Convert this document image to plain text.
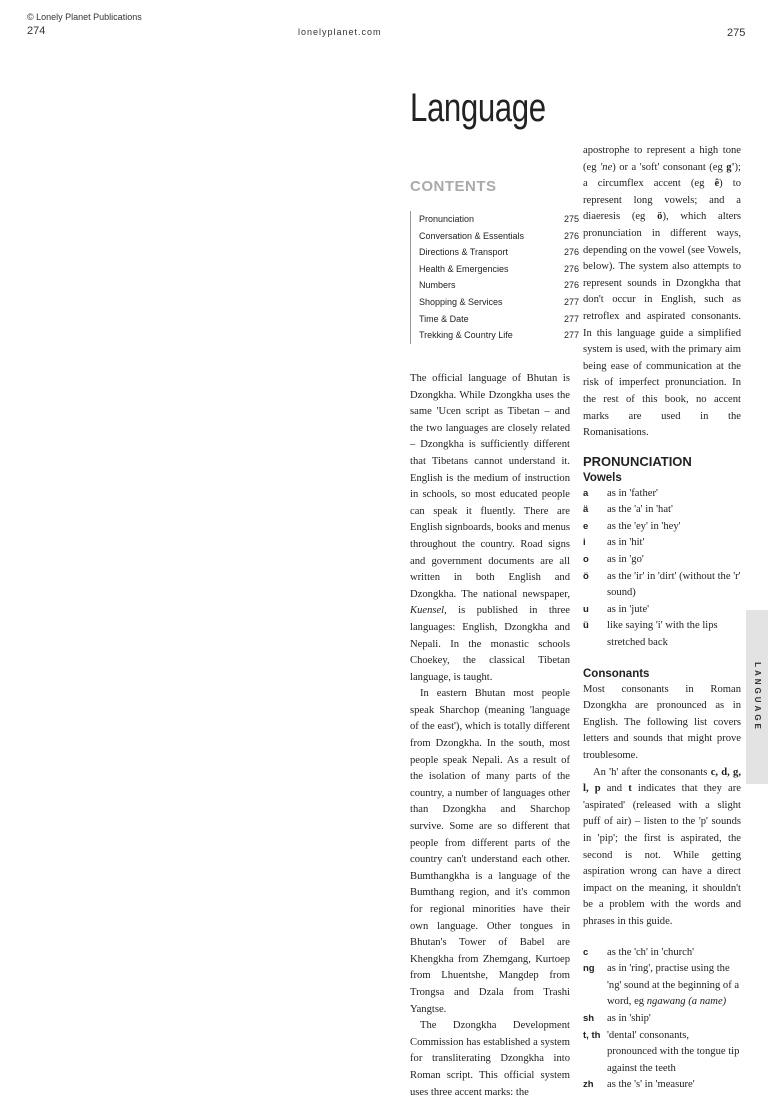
© Lonely Planet Publications
274	lonelyplanet.com	275
Language
CONTENTS
Pronunciation	275
Conversation & Essentials	276
Directions & Transport	276
Health & Emergencies	276
Numbers	276
Shopping & Services	277
Time & Date	277
Trekking & Country Life	277

The official language of Bhutan is Dzongkha. While Dzongkha uses the same 'Ucen script as Tibetan – and the two languages are closely related – Dzongkha is sufficiently different that Tibetans cannot understand it. English is the medium of instruction in schools, so most educated people can speak it fluently. There are English signboards, books and menus throughout the country. Road signs and government documents are all written in both English and Dzongkha. The national newspaper, Kuensel, is published in three languages: English, Dzongkha and Nepali. In the monastic schools Choekey, the classical Tibetan language, is taught.

In eastern Bhutan most people speak Sharchop (meaning 'language of the east'), which is totally different from Dzongkha. In the south, most people speak Nepali. As a result of the isolation of many parts of the country, a number of languages other than Dzongkha and Sharchop survive. Some are so different that people from different parts of the country can't understand each other. Bumthangkha is a language of the Bumthang region, and it's common for regional minorities have their own language. Other tongues in Bhutan's Tower of Babel are Khengkha from Zhemgang, Kurtoep from Lhuentshe, Mangdep from Trongsa and Dzala from Trashi Yangtse.

The Dzongkha Development Commission has established a system for transliterating Dzongkha into Roman script. This official system uses three accent marks: the

apostrophe to represent a high tone (eg 'ne) or a 'soft' consonant (eg g'); a circumflex accent (eg ê) to represent long vowels; and a diaeresis (eg ö), which alters pronunciation in different ways, depending on the vowel (see Vowels, below). The system also attempts to represent sounds in Dzongkha that don't occur in English, such as retroflex and aspirated consonants. In this language guide a simplified system is used, with the primary aim being ease of communication at the risk of imperfect pronunciation. In the rest of this book, no accent marks are used in the Romanisations.

PRONUNCIATION
Vowels
a	as in 'father'
ä	as the 'a' in 'hat'
e	as the 'ey' in 'hey'
i	as in 'hit'
o	as in 'go'
ö	as the 'ir' in 'dirt' (without the 'r' sound)
u	as in 'jute'
ü	like saying 'i' with the lips stretched back
Consonants

Most consonants in Roman Dzongkha are pronounced as in English. The following list covers letters and sounds that might prove troublesome.

An 'h' after the consonants c, d, g, l, p and t indicates that they are 'aspirated' (released with a slight puff of air) – listen to the 'p' sounds in 'pip'; the first is aspirated, the second is not. While getting aspiration wrong can have a direct impact on the meaning, it shouldn't be a problem with the words and phrases in this guide.

c	as the 'ch' in 'church'
ng	as in 'ring', practise using the 'ng' sound at the beginning of a word, eg ngawang (a name)
sh	as in 'ship'
t, th 'dental' consonants, pronounced with the tongue tip against the teeth
zh	as the 's' in 'measure'
LANGUAGE
